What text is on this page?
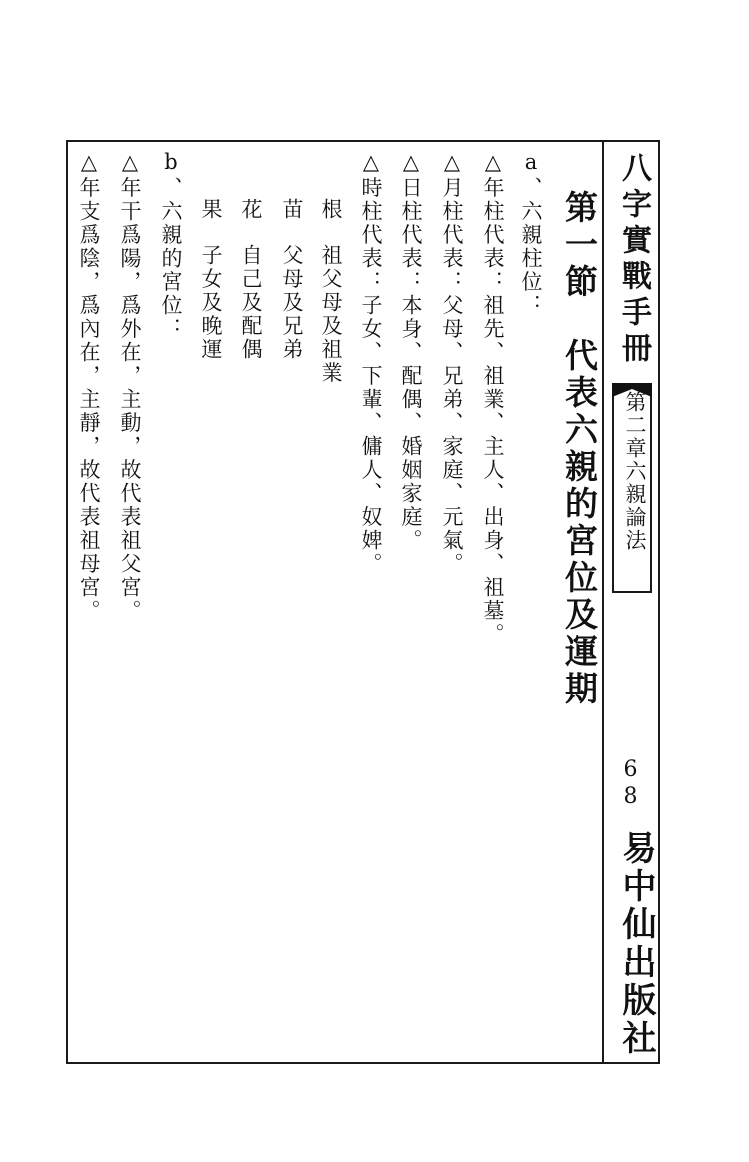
八字實戰手冊

第二章六親論法

68

易中仙出版社

第一節　代表六親的宮位及運期

a、六親柱位：

△年柱代表：祖先、祖業、主人、出身、祖墓。

△月柱代表：父母、兄弟、家庭、元氣。

△日柱代表：本身、配偶、婚姻家庭。

△時柱代表：子女、下輩、傭人、奴婢。

根

祖父母及祖業

苗

父母及兄弟

花

自己及配偶

果

子女及晚運

b、六親的宮位：

△年干爲陽，爲外在，主動，故代表祖父宮。

△年支爲陰，爲內在，主靜，故代表祖母宮。
